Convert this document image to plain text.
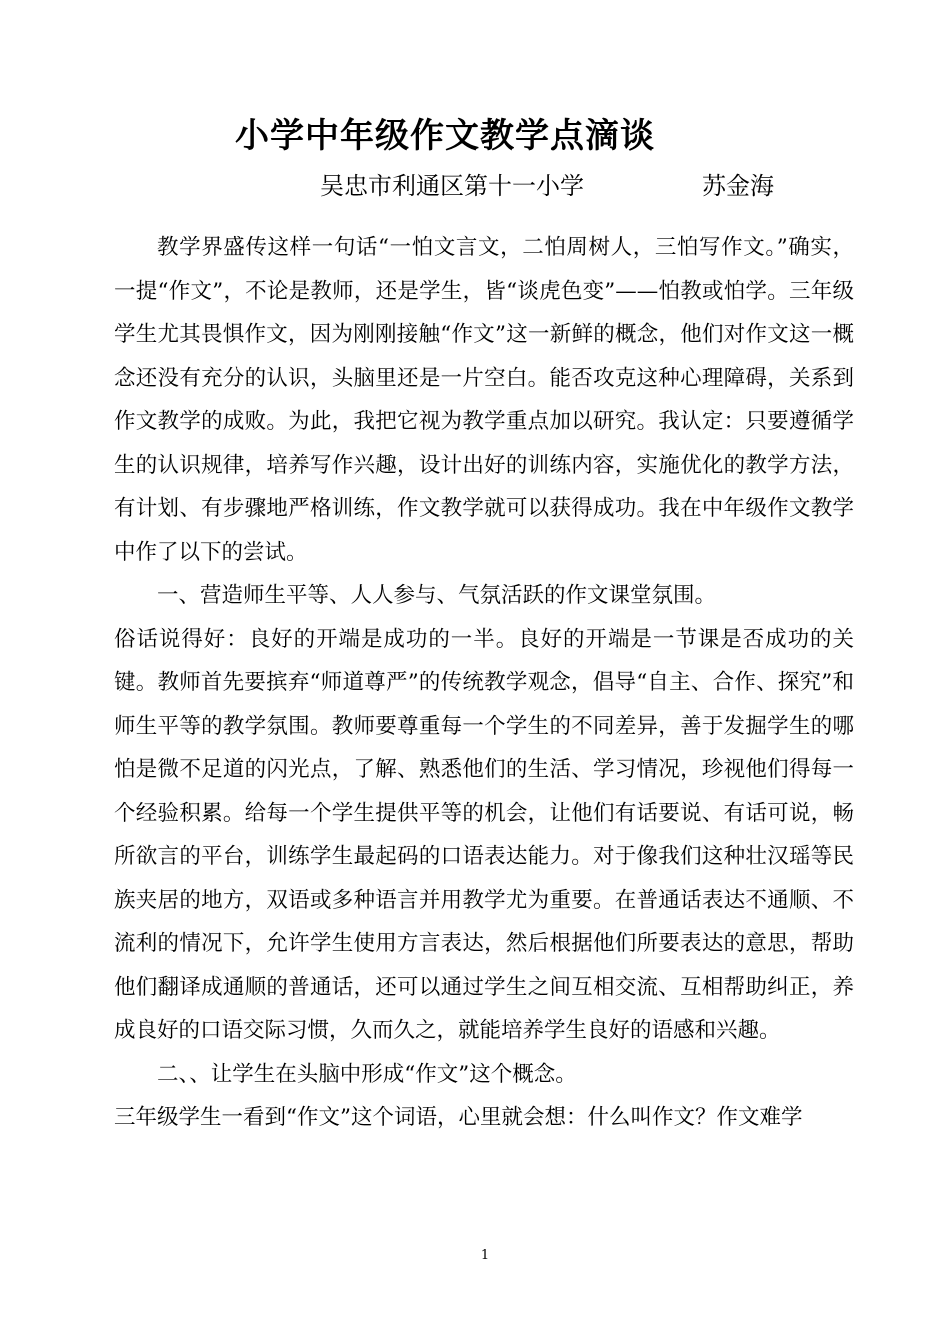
小学中年级作文教学点滴谈
吴忠市利通区第十一小学	苏金海

教学界盛传这样一句话“一怕文言文，二怕周树人，三怕写作文。”确实，一提“作文”，不论是教师，还是学生，皆“谈虎色变”——怕教或怕学。三年级学生尤其畏惧作文，因为刚刚接触“作文”这一新鲜的概念，他们对作文这一概念还没有充分的认识，头脑里还是一片空白。能否攻克这种心理障碍，关系到作文教学的成败。为此，我把它视为教学重点加以研究。我认定：只要遵循学生的认识规律，培养写作兴趣，设计出好的训练内容，实施优化的教学方法，有计划、有步骤地严格训练，作文教学就可以获得成功。我在中年级作文教学中作了以下的尝试。

一、营造师生平等、人人参与、气氛活跃的作文课堂氛围。

俗话说得好：良好的开端是成功的一半。良好的开端是一节课是否成功的关键。教师首先要摈弃“师道尊严”的传统教学观念，倡导“自主、合作、探究”和师生平等的教学氛围。教师要尊重每一个学生的不同差异，善于发掘学生的哪怕是微不足道的闪光点，了解、熟悉他们的生活、学习情况，珍视他们得每一个经验积累。给每一个学生提供平等的机会，让他们有话要说、有话可说，畅所欲言的平台，训练学生最起码的口语表达能力。对于像我们这种壮汉瑶等民族夹居的地方，双语或多种语言并用教学尤为重要。在普通话表达不通顺、不流利的情况下，允许学生使用方言表达，然后根据他们所要表达的意思，帮助他们翻译成通顺的普通话，还可以通过学生之间互相交流、互相帮助纠正，养成良好的口语交际习惯，久而久之，就能培养学生良好的语感和兴趣。

二、、让学生在头脑中形成“作文”这个概念。

三年级学生一看到“作文”这个词语，心里就会想：什么叫作文？作文难学

1
